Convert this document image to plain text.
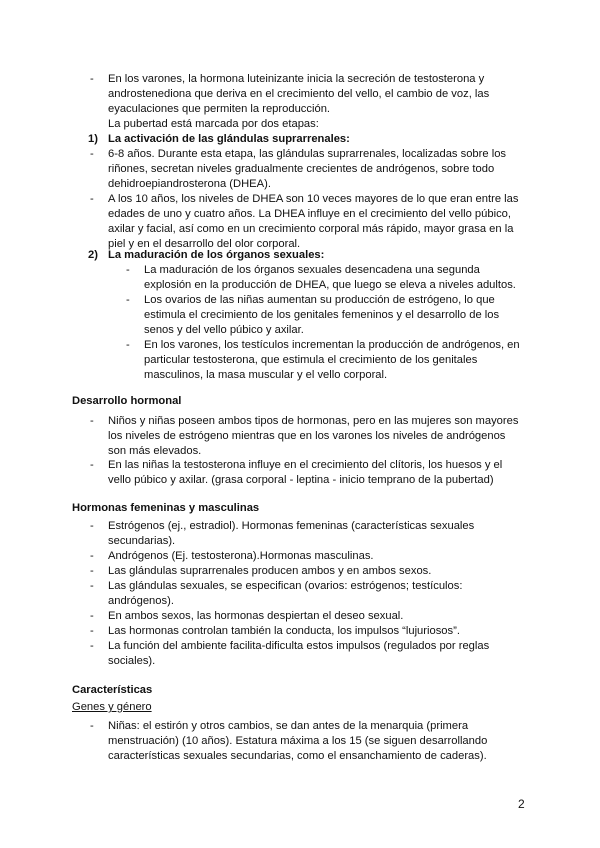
-	En los varones, la hormona luteinizante inicia la secreción de testosterona y androstenediona que deriva en el crecimiento del vello, el cambio de voz, las eyaculaciones que permiten la reproducción.
La pubertad está marcada por dos etapas:
1) La activación de las glándulas suprarrenales:
-	6-8 años. Durante esta etapa, las glándulas suprarrenales, localizadas sobre los riñones, secretan niveles gradualmente crecientes de andrógenos, sobre todo dehidroepiandrosterona (DHEA).
-	A los 10 años, los niveles de DHEA son 10 veces mayores de lo que eran entre las edades de uno y cuatro años. La DHEA influye en el crecimiento del vello púbico, axilar y facial, así como en un crecimiento corporal más rápido, mayor grasa en la piel y en el desarrollo del olor corporal.
2) La maduración de los órganos sexuales:
-	La maduración de los órganos sexuales desencadena una segunda explosión en la producción de DHEA, que luego se eleva a niveles adultos.
-	Los ovarios de las niñas aumentan su producción de estrógeno, lo que estimula el crecimiento de los genitales femeninos y el desarrollo de los senos y del vello púbico y axilar.
-	En los varones, los testículos incrementan la producción de andrógenos, en particular testosterona, que estimula el crecimiento de los genitales masculinos, la masa muscular y el vello corporal.
Desarrollo hormonal
-	Niños y niñas poseen ambos tipos de hormonas, pero en las mujeres son mayores los niveles de estrógeno mientras que en los varones los niveles de andrógenos son más elevados.
-	En las niñas la testosterona influye en el crecimiento del clítoris, los huesos y el vello púbico y axilar. (grasa corporal - leptina - inicio temprano de la pubertad)
Hormonas femeninas y masculinas
-	Estrógenos (ej., estradiol). Hormonas femeninas (características sexuales secundarias).
-	Andrógenos (Ej. testosterona).Hormonas masculinas.
-	Las glándulas suprarrenales producen ambos y en ambos sexos.
-	Las glándulas sexuales, se especifican (ovarios: estrógenos; testículos: andrógenos).
-	En ambos sexos, las hormonas despiertan el deseo sexual.
-	Las hormonas controlan también la conducta, los impulsos “lujuriosos”.
-	La función del ambiente facilita-dificulta estos impulsos (regulados por reglas sociales).
Características
Genes y género
-	Niñas: el estirón y otros cambios, se dan antes de la menarquia (primera menstruación) (10 años). Estatura máxima a los 15 (se siguen desarrollando características sexuales secundarias, como el ensanchamiento de caderas).
2
